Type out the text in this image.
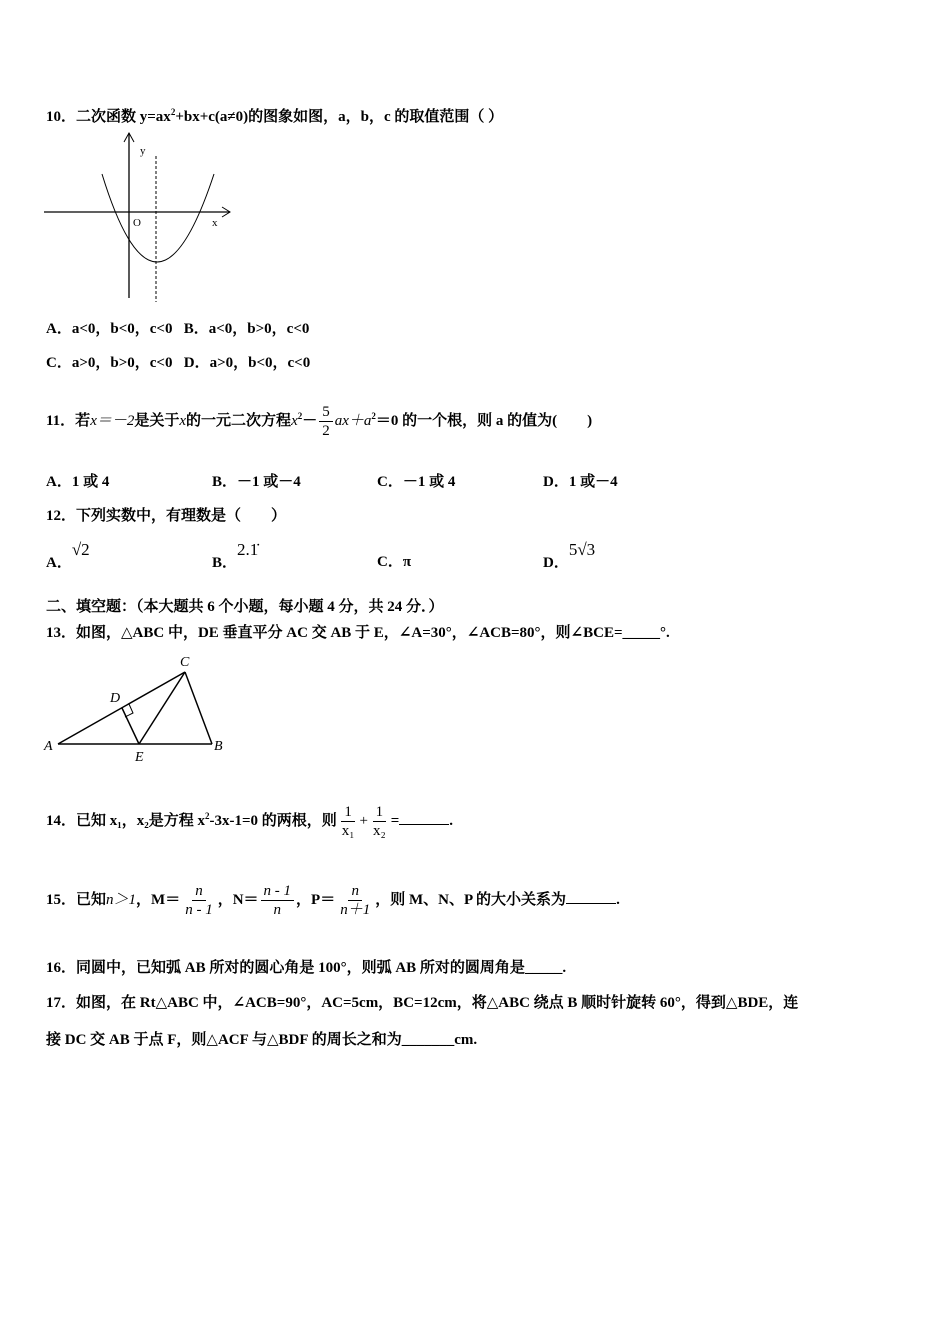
10．二次函数 $y=ax^2+bx+c(a\ne 0)$的图象如图，a，b，c 的取值范围（ ）
y
x
O
A．a<0，b<0，c<0 B．a<0，b>0，c<0
C．a>0，b>0，c<0 D．a>0，b<0，c<0
11．若x＝－2是关于x的一元二次方程$x^2- \frac{5}{2} ax+a^2=0$ 的一个根，则 a 的值为(　　)
A．1 或 4	B．－1 或－4	C．－1 或 4	D．1 或－4
12．下列实数中，有理数是（　　）
A．√2
B．2.1̇
C．π	D．5√3
二、填空题：（本大题共 6 个小题，每小题 4 分，共 24 分．）
13．如图，△ABC 中，DE 垂直平分 AC 交 AB 于 E，∠A=30°，∠ACB=80°，则∠BCE=_____°.
A	B
C
D
E
14．已知 x₁，x₂是方程 $x^2-3x-1=0$ 的两根，则 $\frac{1}{\text{x₁}} + \frac{1}{\text{x₂}}$ =	.
15．已知n＞1，$M= \frac{n}{n - 1}$ ，$N= \frac{n - 1}{n}$ ，$P= \frac{n}{n+1}$ ，则 M、N、P 的大小关系为	.
16．同圆中，已知弧 AB 所对的圆心角是 100°，则弧 AB 所对的圆周角是_____.
17．如图，在 Rt△ABC 中，∠ACB=90°，AC=5cm，BC=12cm，将△ABC 绕点 B 顺时针旋转 60°，得到△BDE，连
接 DC 交 AB 于点 F，则△ACF 与△BDF 的周长之和为_______cm.
